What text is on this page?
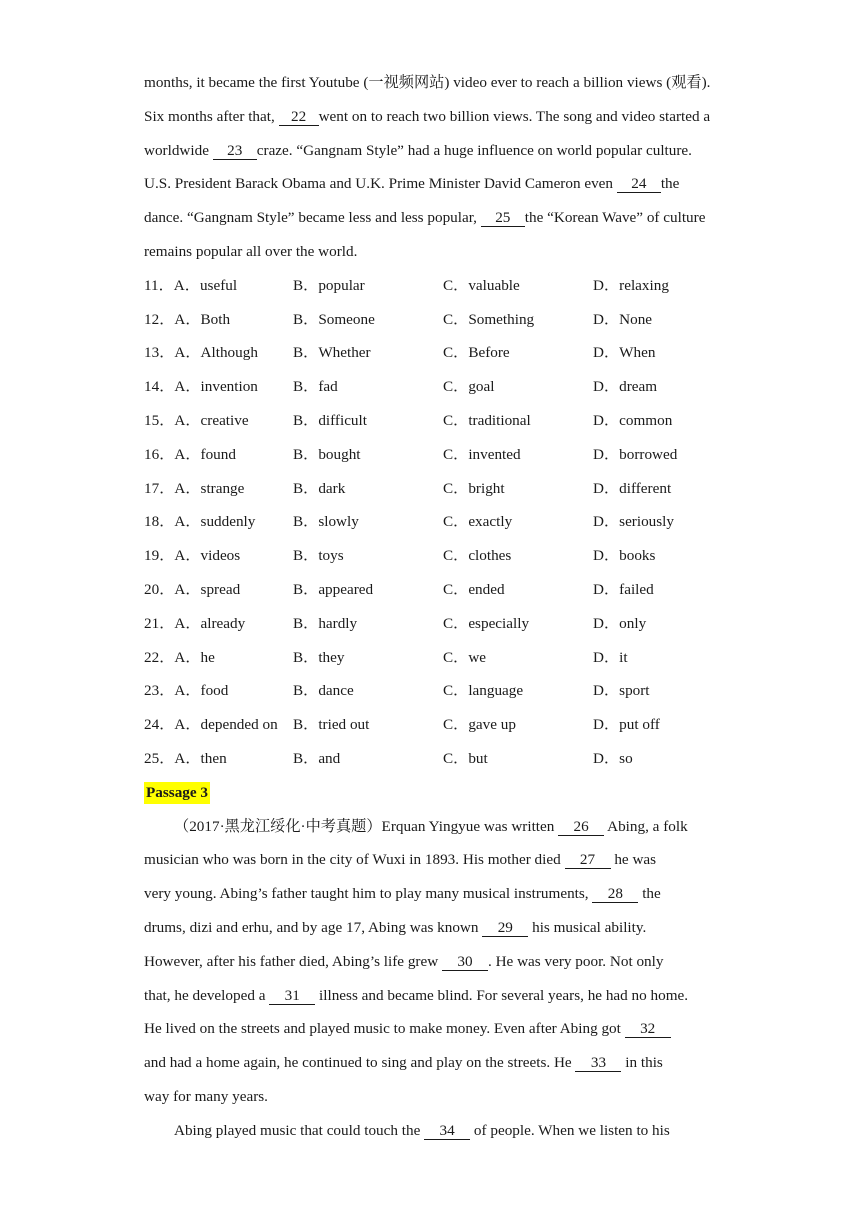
months, it became the first Youtube (一视频网站) video ever to reach a billion views (观看).
Six months after that, 22 went on to reach two billion views. The song and video started a
worldwide 23 craze. “Gangnam Style” had a huge influence on world popular culture.
U.S. President Barack Obama and U.K. Prime Minister David Cameron even 24 the
dance. “Gangnam Style” became less and less popular, 25 the “Korean Wave” of culture
remains popular all over the world.
11．A．useful	B．popular	C．valuable	D．relaxing
12．A．Both	B．Someone	C．Something	D．None
13．A．Although B．Whether	C．Before	D．When
14．A．invention B．fad	C．goal	D．dream
15．A．creative	B．difficult	C．traditional	D．common
16．A．found	B．bought	C．invented	D．borrowed
17．A．strange	B．dark	C．bright	D．different
18．A．suddenly B．slowly	C．exactly	D．seriously
19．A．videos	B．toys	C．clothes	D．books
20．A．spread	B．appeared	C．ended	D．failed
21．A．already	B．hardly	C．especially	D．only
22．A．he	B．they	C．we	D．it
23．A．food	B．dance	C．language	D．sport
24．A．depended on B．tried out	C．gave up	D．put off
25．A．then	B．and	C．but	D．so
Passage 3
（2017·黑龙江绥化·中考真题）Erquan Yingyue was written 26 Abing, a folk
musician who was born in the city of Wuxi in 1893. His mother died 27 he was
very young. Abing’s father taught him to play many musical instruments, 28 the
drums, dizi and erhu, and by age 17, Abing was known 29 his musical ability.
However, after his father died, Abing’s life grew 30 . He was very poor. Not only
that, he developed a 31 illness and became blind. For several years, he had no home.
He lived on the streets and played music to make money. Even after Abing got 32
and had a home again, he continued to sing and play on the streets. He 33 in this
way for many years.
Abing played music that could touch the 34 of people. When we listen to his
